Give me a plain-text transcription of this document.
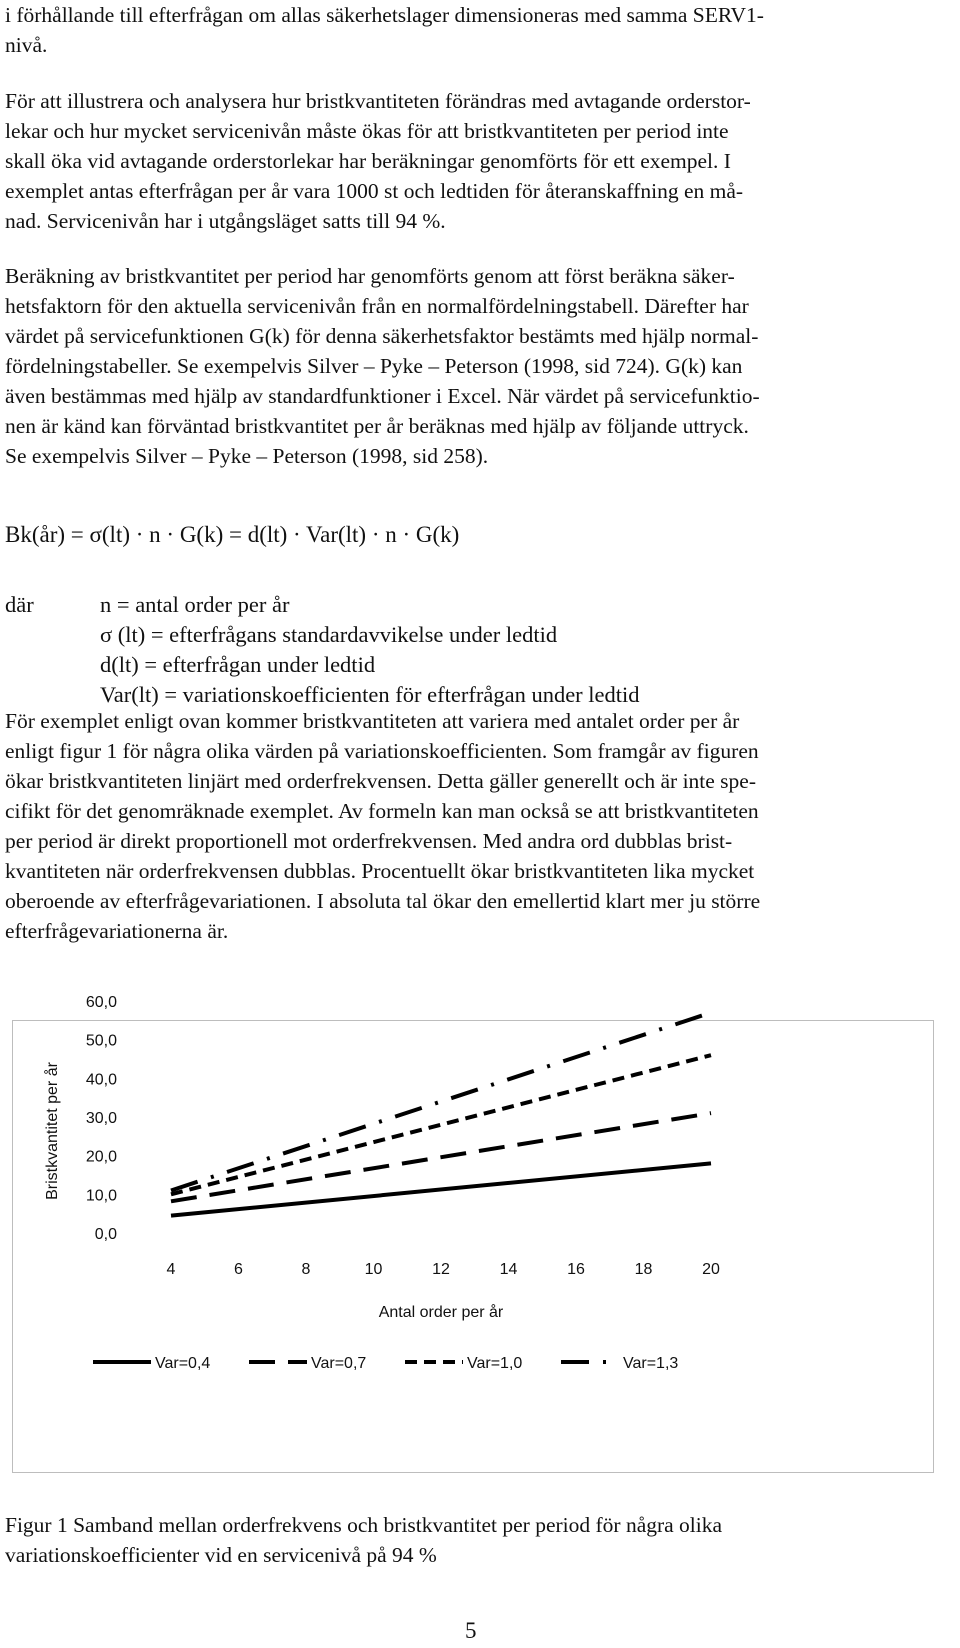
i förhållande till efterfrågan om allas säkerhetslager dimensioneras med samma SERV1-
nivå.
För att illustrera och analysera hur bristkvantiteten förändras med avtagande orderstor-
lekar och hur mycket servicenivån måste ökas för att bristkvantiteten per period inte
skall öka vid avtagande orderstorlekar har beräkningar genomförts för ett exempel. I
exemplet antas efterfrågan per år vara 1000 st och ledtiden för återanskaffning en må-
nad. Servicenivån har i utgångsläget satts till 94 %.
Beräkning av bristkvantitet per period har genomförts genom att först beräkna säker-
hetsfaktorn för den aktuella servicenivån från en normalfördelningstabell. Därefter har
värdet på servicefunktionen G(k) för denna säkerhetsfaktor bestämts med hjälp normal-
fördelningstabeller. Se exempelvis Silver – Pyke – Peterson (1998, sid 724). G(k) kan
även bestämmas med hjälp av standardfunktioner i Excel. När värdet på servicefunktio-
nen är känd kan förväntad bristkvantitet per år beräknas med hjälp av följande uttryck.
Se exempelvis Silver – Pyke – Peterson (1998, sid 258).
Bk(år) = σ(lt) · n · G(k) = d(lt) · Var(lt) · n · G(k)
där	n = antal order per år
σ (lt) = efterfrågans standardavvikelse under ledtid
d(lt) = efterfrågan under ledtid
Var(lt) = variationskoefficienten för efterfrågan under ledtid
För exemplet enligt ovan kommer bristkvantiteten att variera med antalet order per år
enligt figur 1 för några olika värden på variationskoefficienten. Som framgår av figuren
ökar bristkvantiteten linjärt med orderfrekvensen. Detta gäller generellt och är inte spe-
cifikt för det genomräknade exemplet. Av formeln kan man också se att bristkvantiteten
per period är direkt proportionell mot orderfrekvensen. Med andra ord dubblas brist-
kvantiteten när orderfrekvensen dubblas. Procentuellt ökar bristkvantiteten lika mycket
oberoende av efterfrågevariationen. I absoluta tal ökar den emellertid klart mer ju större
efterfrågevariationerna är.
0,0
10,0
20,0
30,0
40,0
50,0
60,0
4	6	8	10	12	14	16	18	20
Bristkvantitet per år
Antal order per år
Var=0,4	Var=0,7	Var=1,0	Var=1,3
Figur 1 Samband mellan orderfrekvens och bristkvantitet per period för några olika
variationskoefficienter vid en servicenivå på 94 %
5
